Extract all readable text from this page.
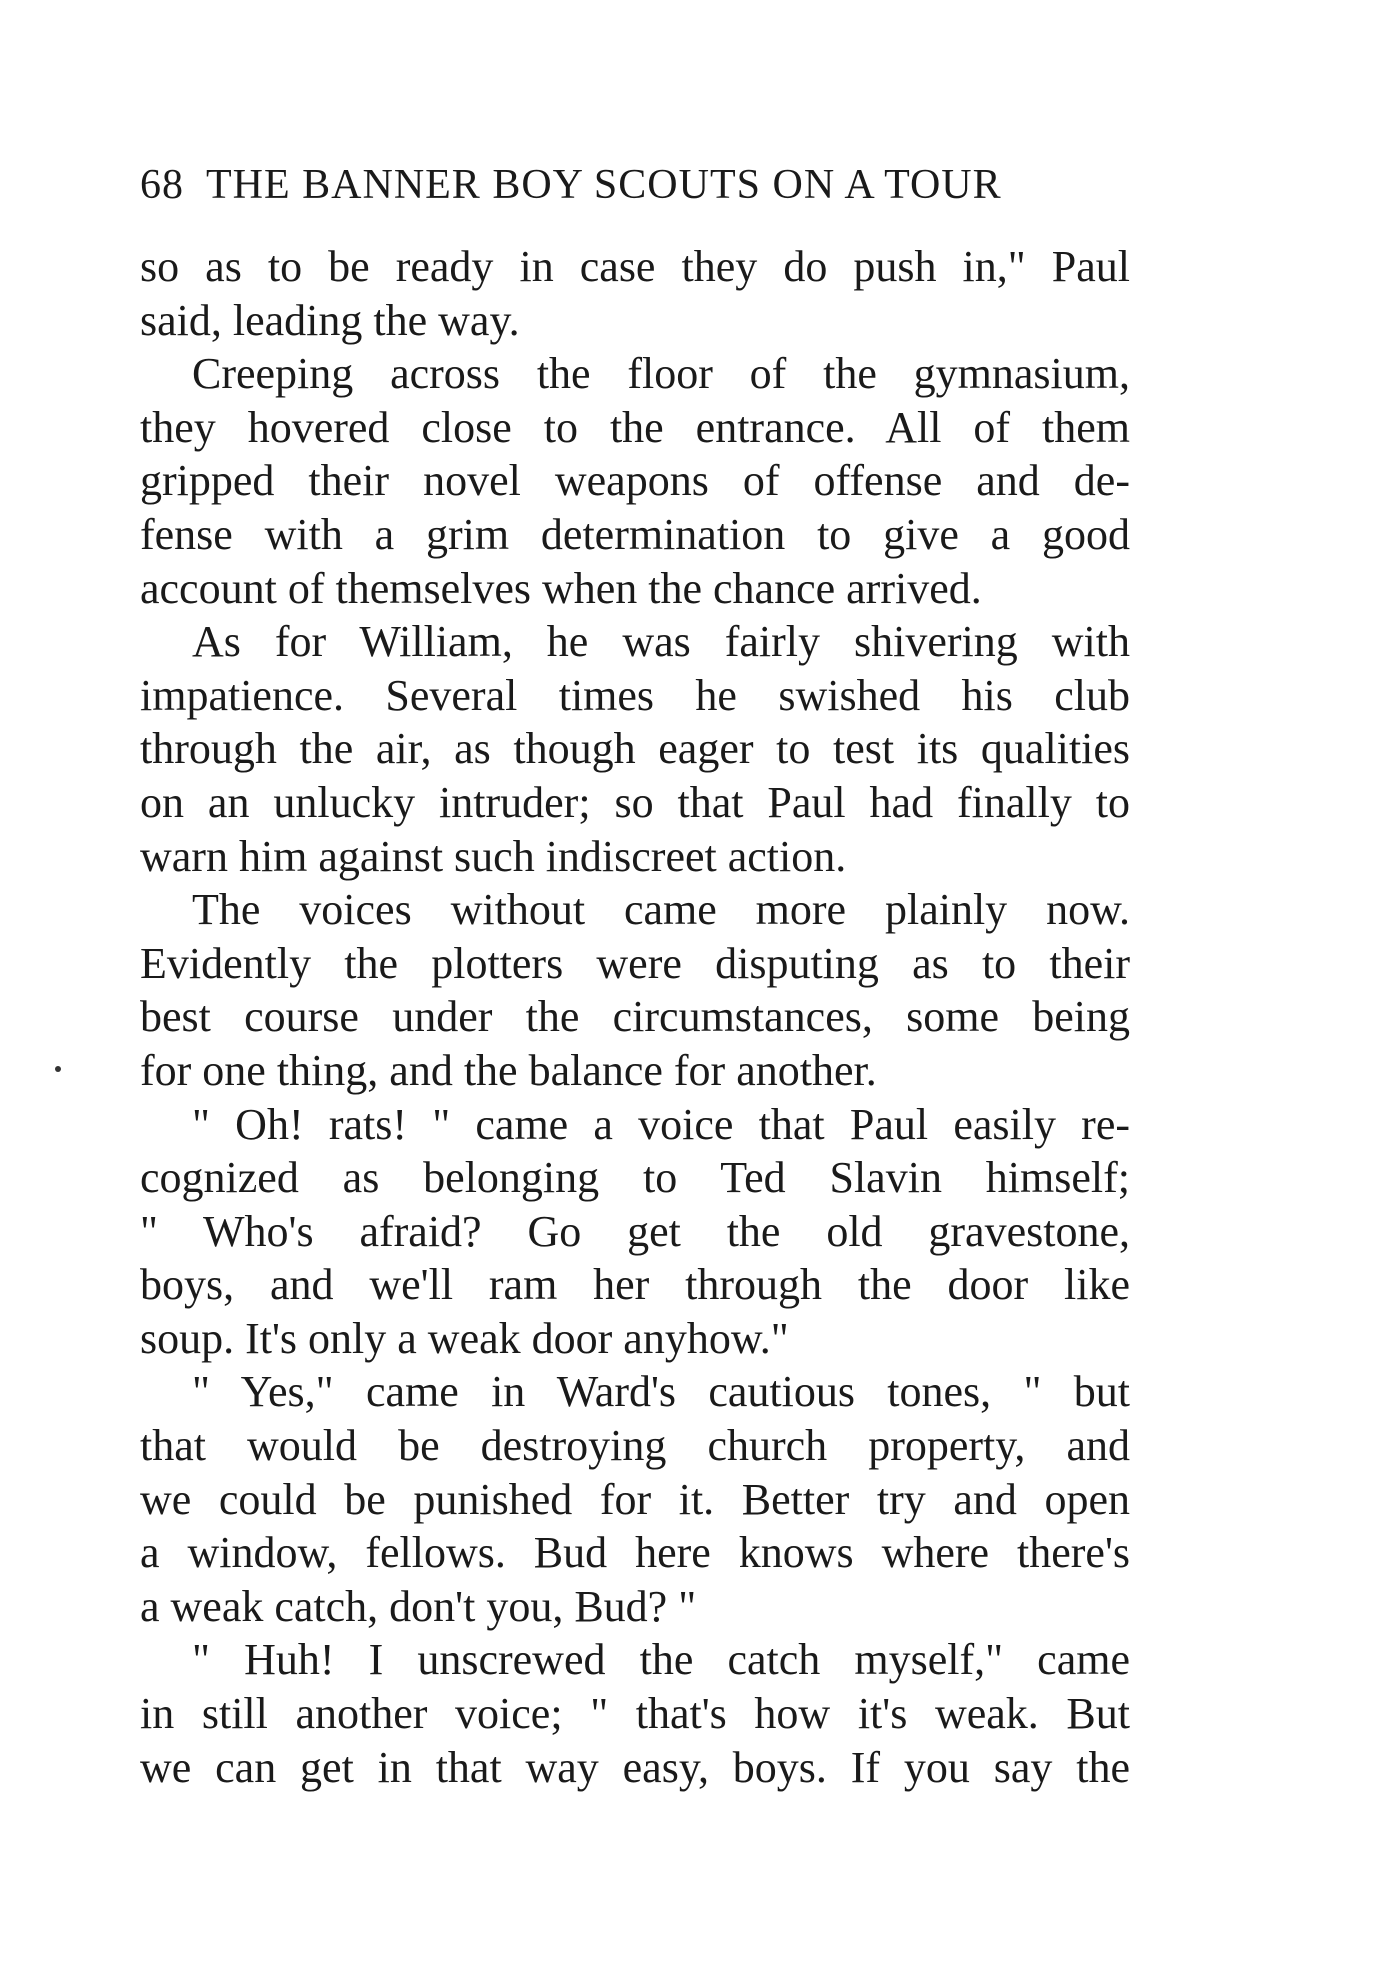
68 THE BANNER BOY SCOUTS ON A TOUR
so as to be ready in case they do push in," Paul
said, leading the way.
Creeping across the floor of the gymnasium,
they hovered close to the entrance. All of them
gripped their novel weapons of offense and de-
fense with a grim determination to give a good
account of themselves when the chance arrived.
As for William, he was fairly shivering with
impatience. Several times he swished his club
through the air, as though eager to test its qualities
on an unlucky intruder; so that Paul had finally to
warn him against such indiscreet action.
The voices without came more plainly now.
Evidently the plotters were disputing as to their
best course under the circumstances, some being
for one thing, and the balance for another.
" Oh! rats! " came a voice that Paul easily re-
cognized as belonging to Ted Slavin himself;
" Who's afraid? Go get the old gravestone,
boys, and we'll ram her through the door like
soup. It's only a weak door anyhow."
" Yes," came in Ward's cautious tones, " but
that would be destroying church property, and
we could be punished for it. Better try and open
a window, fellows. Bud here knows where there's
a weak catch, don't you, Bud? "
" Huh! I unscrewed the catch myself," came
in still another voice; " that's how it's weak. But
we can get in that way easy, boys. If you say the
